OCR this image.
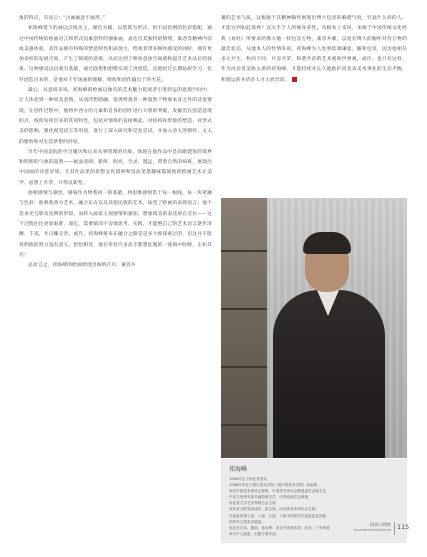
象的特点，有语云：“古画画意不画形。”

祁海峰笔下的画以点线为主，颜色为辅，以装饰为形式，用不同比例的色彩搭配，通过中国传统的绘画语言和形式因素创作的抽象画，表达出其独特的情绪，素念等精神内容或美感体验。其作品拥有特殊的塑造特性和表现力，给观者带来畅快感受的同时，拥有更加多样的发展空间，产生了情境的意境，从而达到了释放意体空间感和提升艺术品位的效果。这种感受以直观为基础，通过联想和想像实现了再创造，是他经过长期钻研学习，包罗创造出来的，是他对千年国画的理解，吸收和创作输出于的火花。

最后，从意境来说，祁海峰的绘画以独有的艺术魅力把观者引进特定的意境空间中，让人体验到一种审美意情，从而浮想联翩，提供给观者一种超然于物象本身之外的诗意情境，在创作过程中，他将中西方的元素和自身的创作进行大胆的突破，发掘出在创造意境的点、线所发挥出来的其同特性，包括对情绪的直接唤起、对结构和形象的塑造、对形式美的影响，强化视觉语言等用途，进行了深入研究和反复尝试，并加入诗人的情怀、文人的雅致和对生活梦想的抒发。

早年中国美院的学习履历和后来从事管理的历练，体现在他作品中是高瞻建瓴的境界和明朗的气象的超然——画面清朗、新鲜、明亮、空灵、遨远，带着自然的病爽，展现出中国画的诗意昇境，尤其作品里的思想文化境界和技法笔墨趣味都使他的绘画艺术在美学、思想上升华，开得以新型。

他相感情与感悟，感染作为物我同一的基础，将思维感情借于每一根线，每一块笔触与色彩；他吸收西方艺术，融合东方以及其他民族的艺术，拓宽了绘画的表现语言；他不追求光与影及比例的形似，而转入画家主观感情和感知，想象境美的表达放在首位——这个过程往往更加艰难、漫长，需要镇而不舍地思考、实践，才能绝自己的艺术语言逐步清晰、丰富，并日臻完善。或许，祁海峰将来在融合之路是是多大师探索过的，但这并不能说明他的努力没有意义，恰恰相反，他在奉登许多高手都想征服的一座海中险峰，正如其名！

总而言之，祁海峰的绘画展现出海纳百川，兼容并

蓄的艺术气质，这根源于其精神胸怀展现出博大包容的胸襟气度，究竟什么样的人，才能达到如此境界？这关乎个人的修身养性，从根本上来说，来源于中国传统文化经典《易经》所要求的像大地一样包容万物，兼容并蓄，以宽宏博大的胸怀对待万物的最佳状态，从他本人的性情来说，祁海峰为人处事低调谦虚，随和包容，因为他相信多元共生，和而不同，共容共荣，和谐共济的艺术观和世界观，成许，也只有这样，作为河北省美协主席的祁海峰，才能持续并长久地推护河北省美术事业的生态平衡，和谐运转并济济人才大放异彩。

祁海峰
1964年生于河北省武安。
1988年毕业于浙江美术学院（现中国美术学院）油画系。
现为中国美术家协会理事、中国美术家协会策展委员会副主任，
中央文史研究馆书画院研究员、中国油画学会理事，
河北省文学艺术界联合会主席，
河北省文联党组成员、副主席，河北省美术家协会主席。
作品参加第七届、八届、九届、十届全国美术作品展览及其他
国内外大型美术展览。
先后在日本、德国、意大利、北京中国美术馆、河北、广东等地
举办个人展览，出版专著多部。
投资与理财
Investment&Finance 115
